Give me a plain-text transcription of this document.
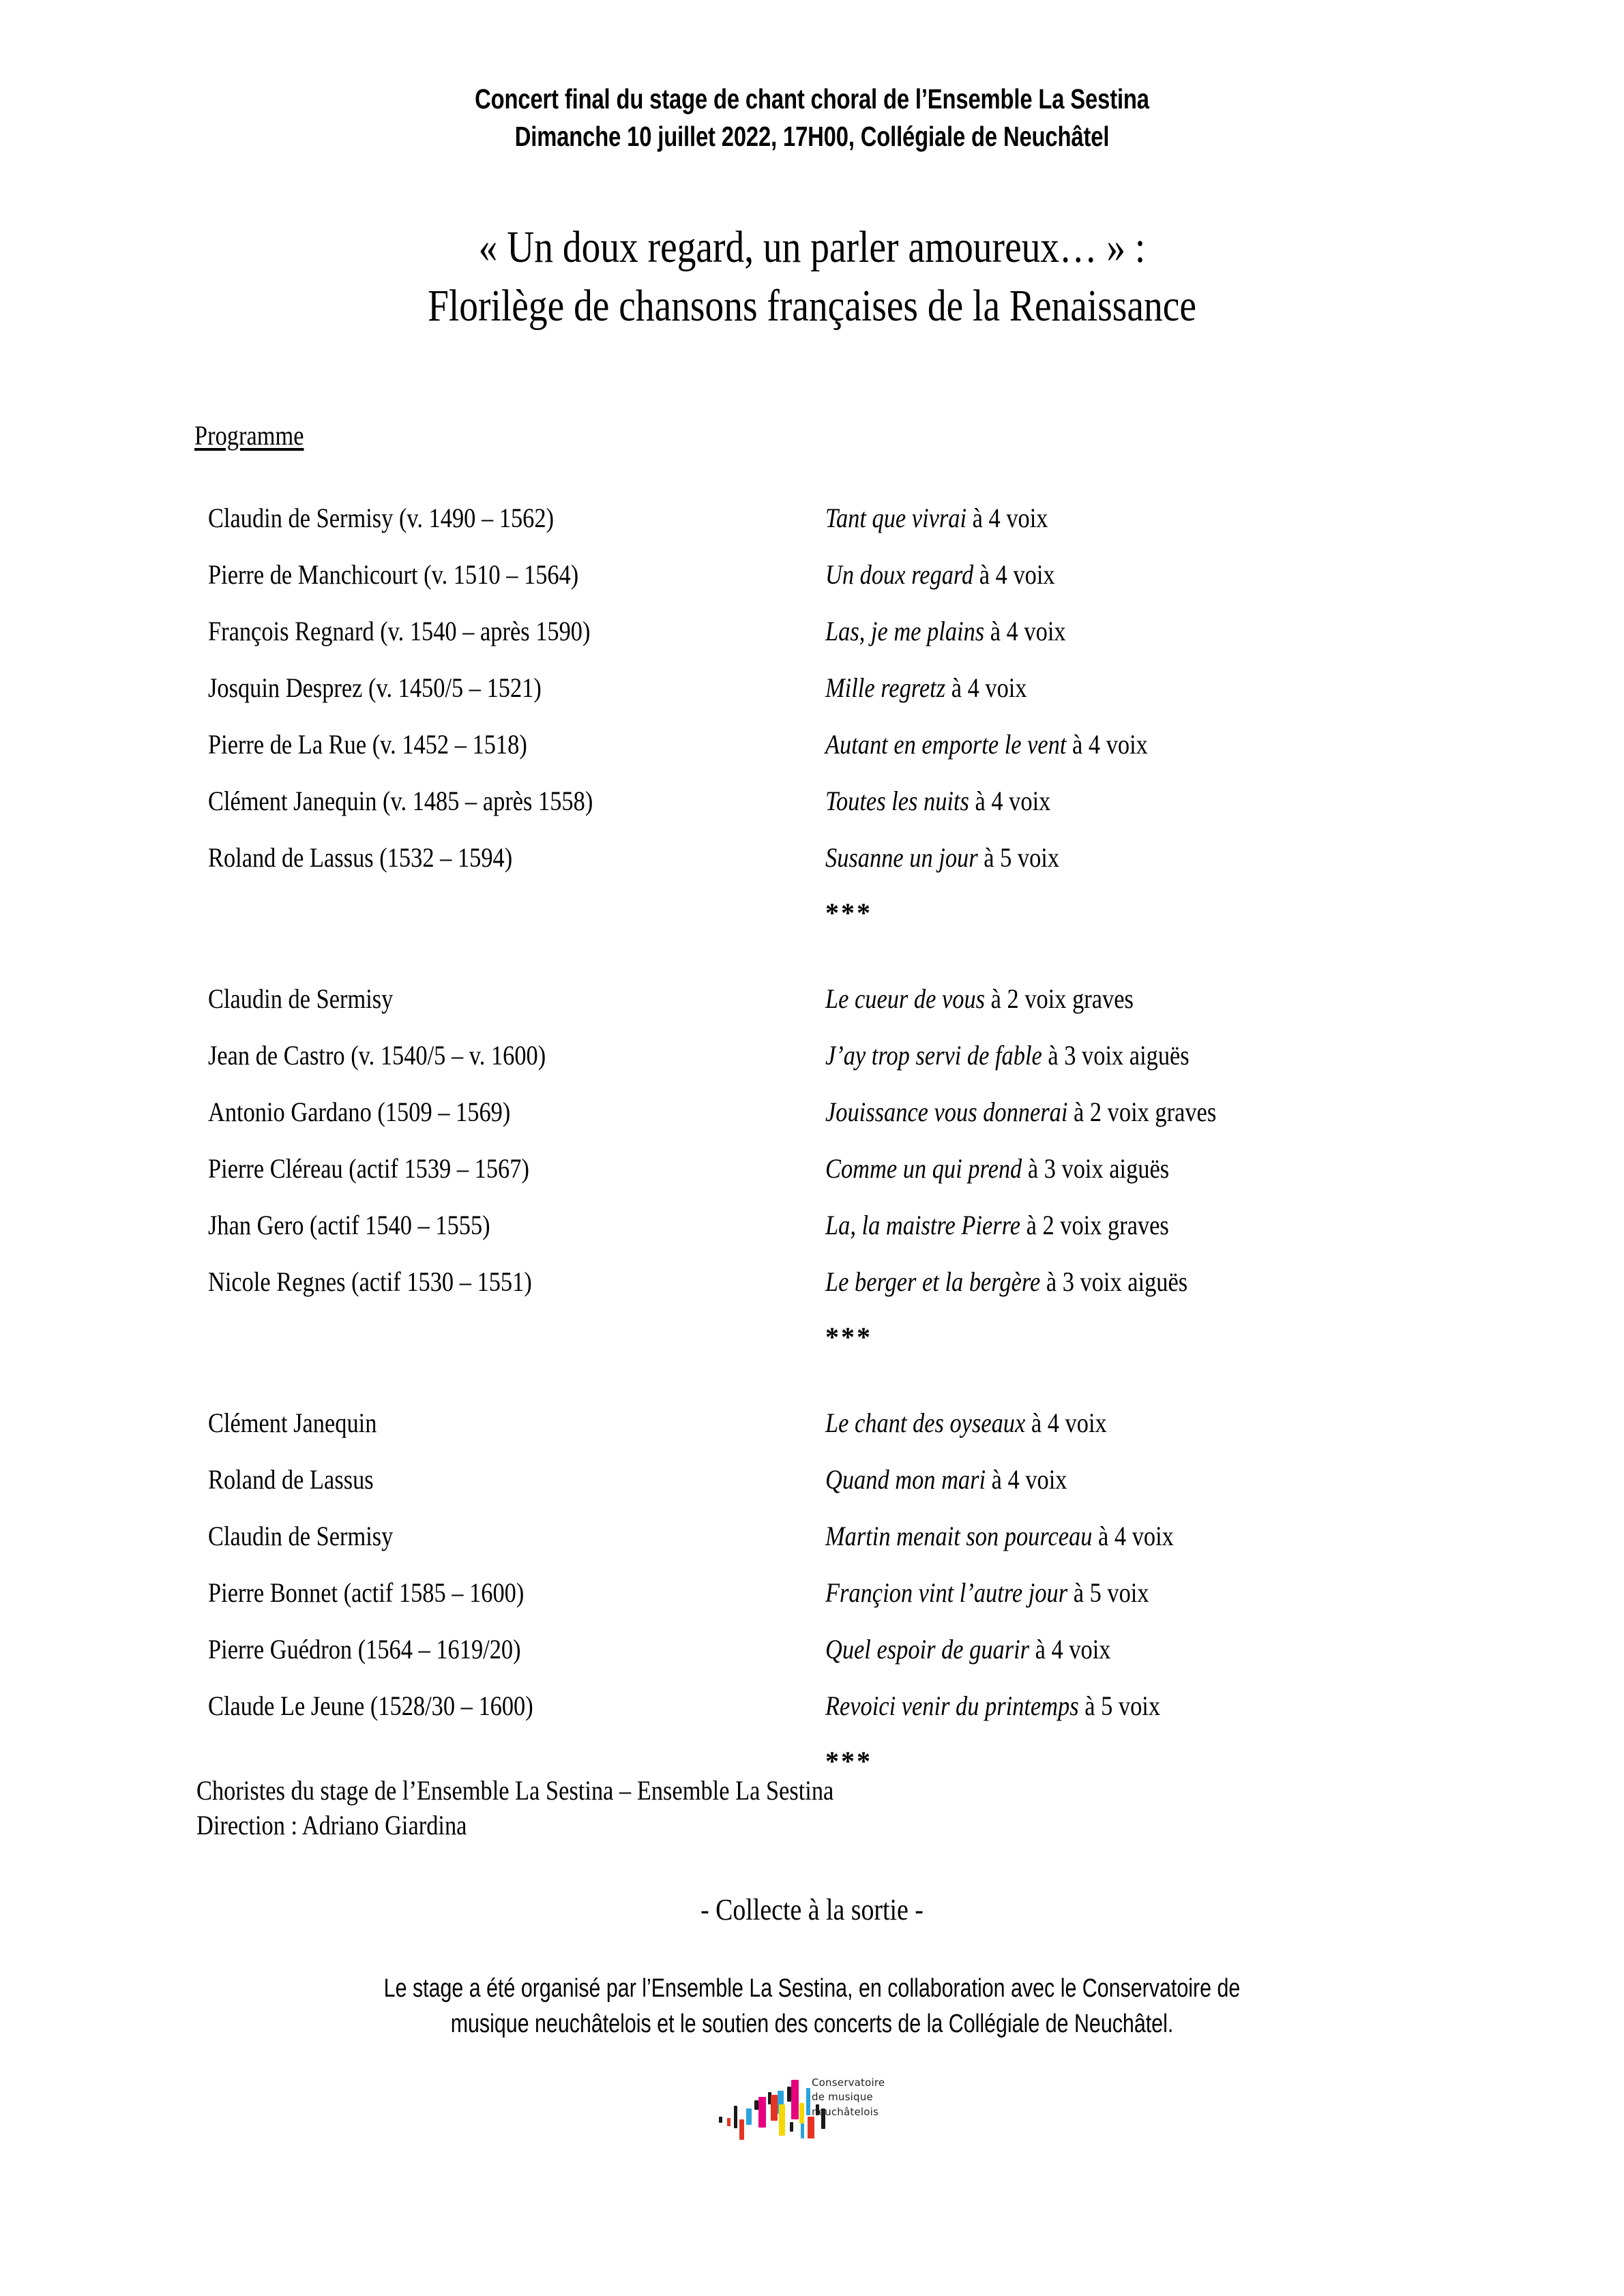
Concert final du stage de chant choral de l’Ensemble La Sestina
Dimanche 10 juillet 2022, 17H00, Collégiale de Neuchâtel
« Un doux regard, un parler amoureux… » :
Florilège de chansons françaises de la Renaissance
Programme
Claudin de Sermisy (v. 1490 – 1562)	Tant que vivrai à 4 voix
Pierre de Manchicourt (v. 1510 – 1564)	Un doux regard à 4 voix
François Regnard (v. 1540 – après 1590)	Las, je me plains à 4 voix
Josquin Desprez (v. 1450/5 – 1521)	Mille regretz à 4 voix
Pierre de La Rue (v. 1452 – 1518)	Autant en emporte le vent à 4 voix
Clément Janequin (v. 1485 – après 1558)	Toutes les nuits à 4 voix
Roland de Lassus (1532 – 1594)	Susanne un jour à 5 voix
***
Claudin de Sermisy	Le cueur de vous à 2 voix graves
Jean de Castro (v. 1540/5 – v. 1600)	J’ay trop servi de fable à 3 voix aiguës
Antonio Gardano (1509 – 1569)	Jouissance vous donnerai à 2 voix graves
Pierre Cléreau (actif 1539 – 1567)	Comme un qui prend à 3 voix aiguës
Jhan Gero (actif 1540 – 1555)	La, la maistre Pierre à 2 voix graves
Nicole Regnes (actif 1530 – 1551)	Le berger et la bergère à 3 voix aiguës
***
Clément Janequin	Le chant des oyseaux à 4 voix
Roland de Lassus	Quand mon mari à 4 voix
Claudin de Sermisy	Martin menait son pourceau à 4 voix
Pierre Bonnet (actif 1585 – 1600)	Françion vint l’autre jour à 5 voix
Pierre Guédron (1564 – 1619/20)	Quel espoir de guarir à 4 voix
Claude Le Jeune (1528/30 – 1600)	Revoici venir du printemps à 5 voix
***
Choristes du stage de l’Ensemble La Sestina – Ensemble La Sestina
Direction : Adriano Giardina
- Collecte à la sortie -
Le stage a été organisé par l’Ensemble La Sestina, en collaboration avec le Conservatoire de
musique neuchâtelois et le soutien des concerts de la Collégiale de Neuchâtel.
Conservatoire
de musique
neuchâtelois
